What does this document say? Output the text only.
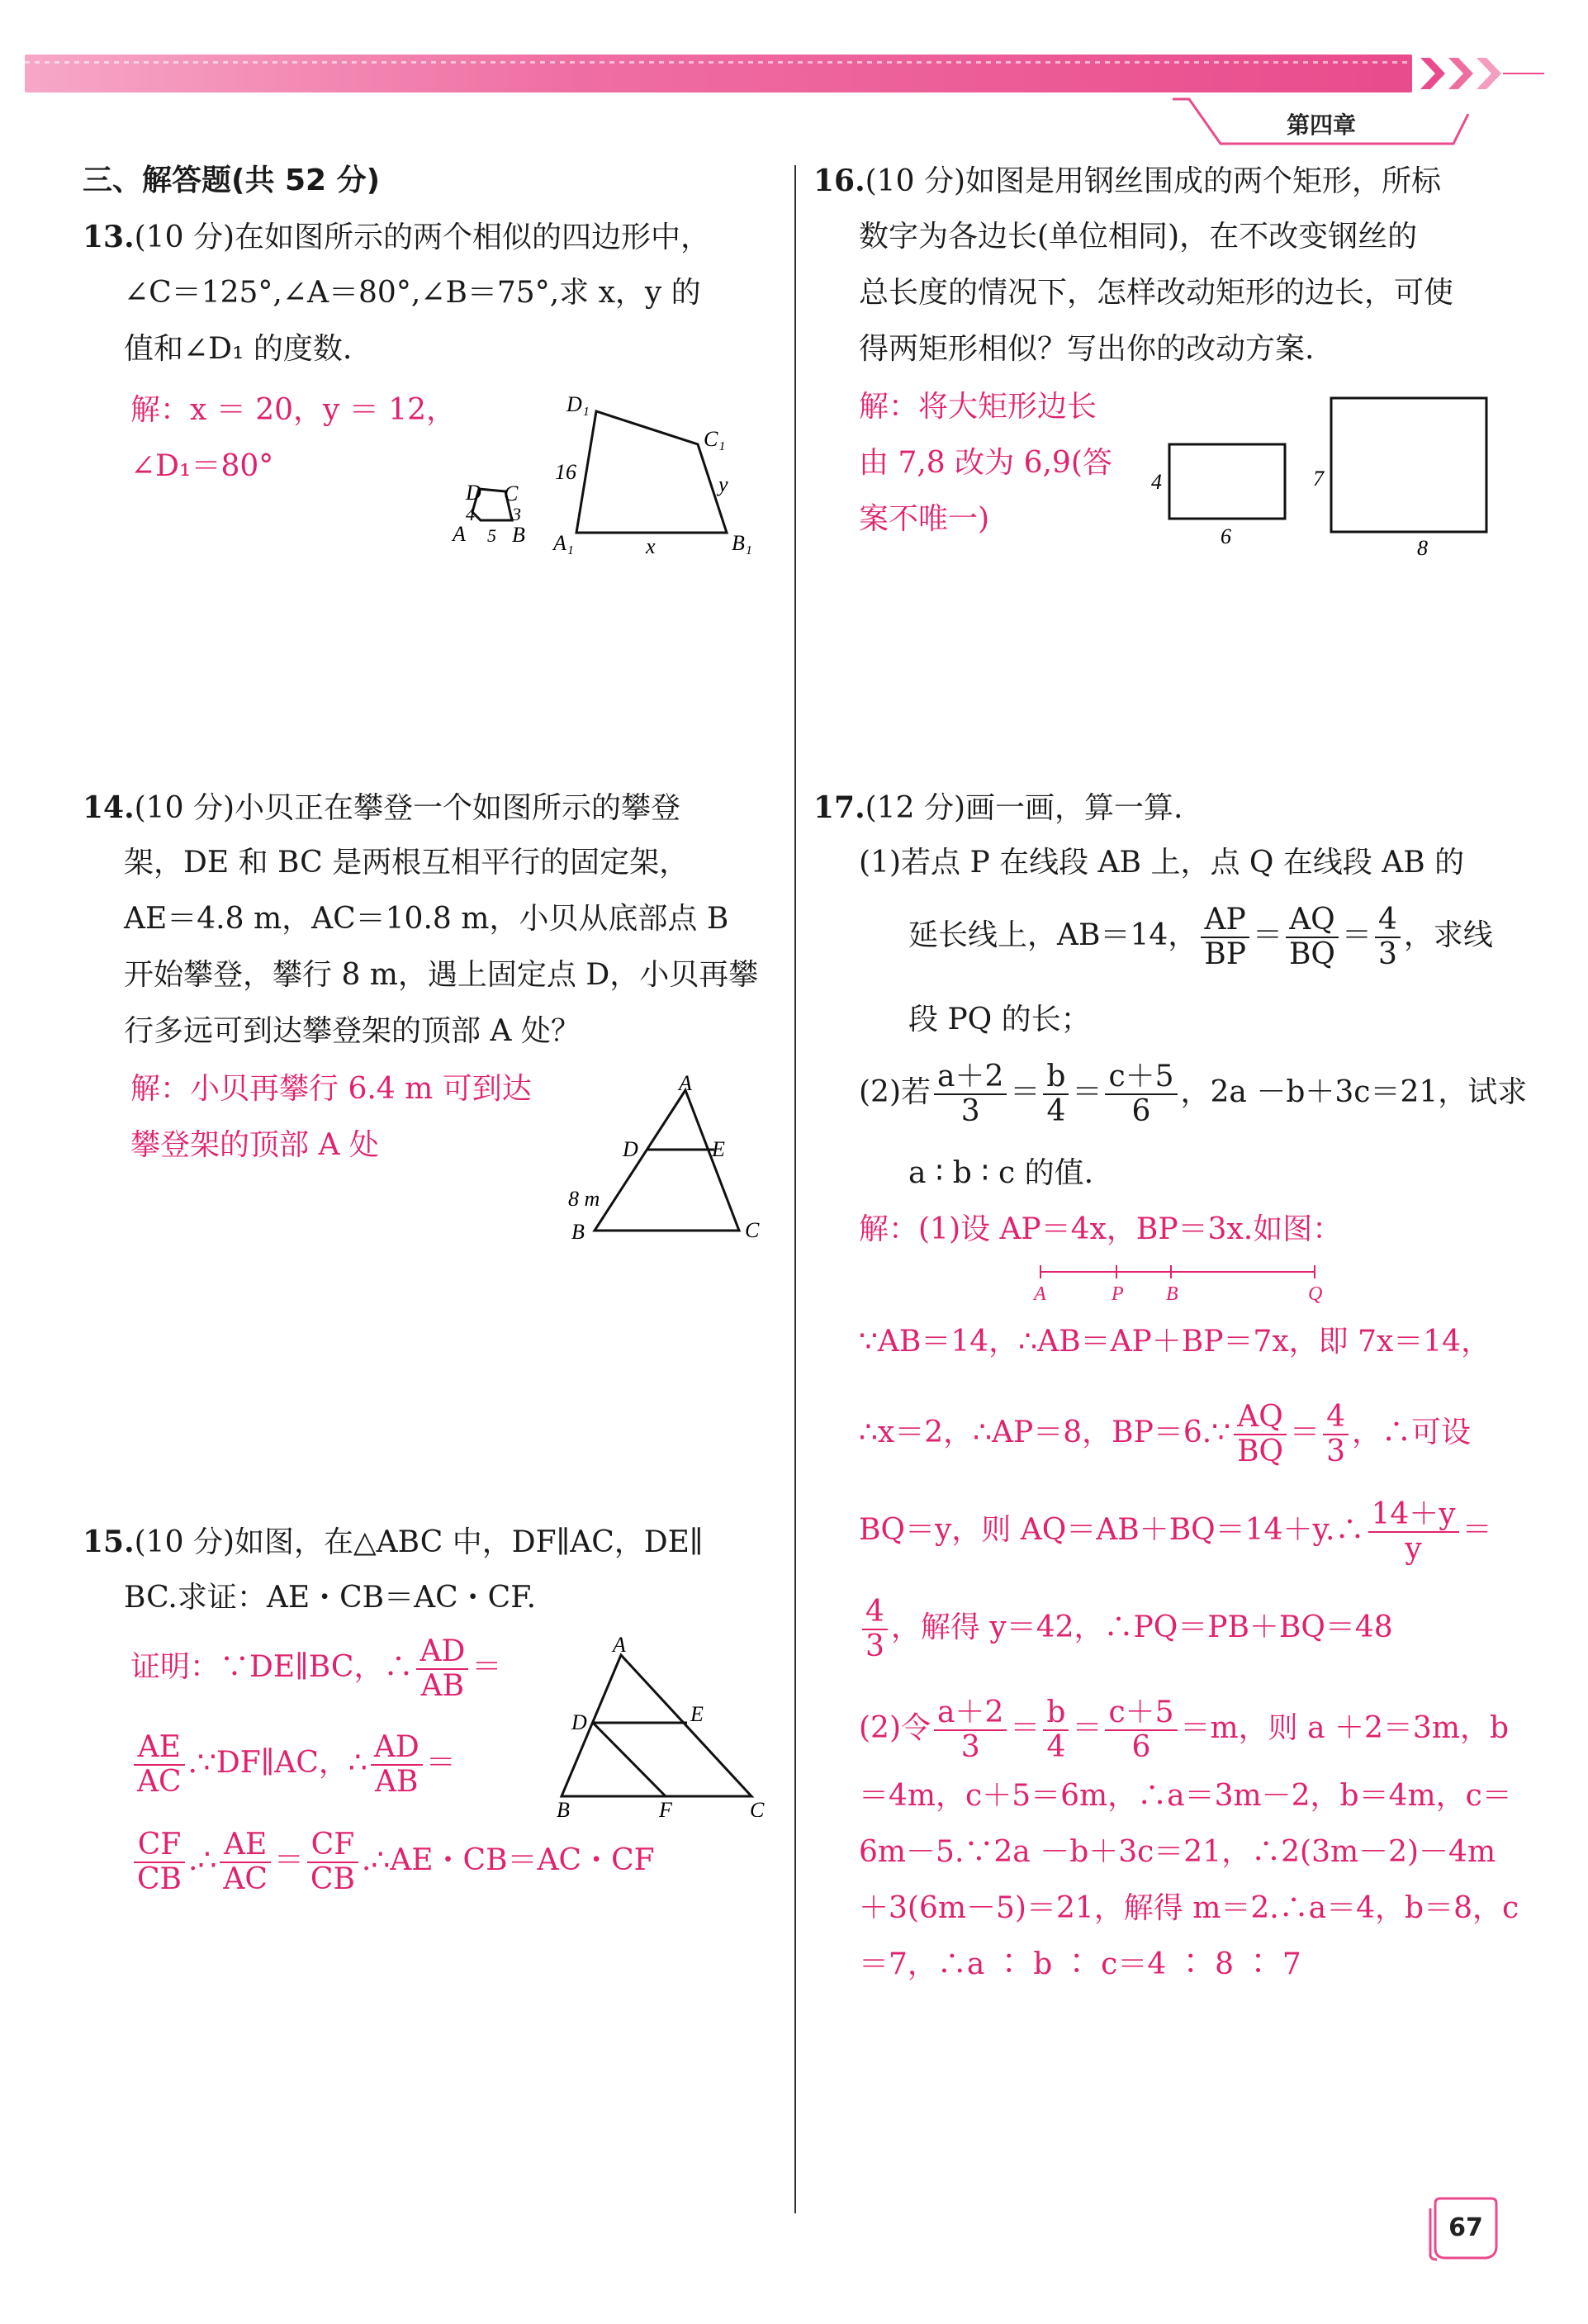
第四章
三、解答题(共 52 分)
13.(10 分)在如图所示的两个相似的四边形中，
∠C＝125°,∠A＝80°,∠B＝75°,求 x，y 的
值和∠D₁ 的度数.
解：x ＝ 20，y ＝ 12，
∠D₁＝80°
D C
A B
4 3
5
D₁
C₁
A₁	B₁
16
y
x
14.(10 分)小贝正在攀登一个如图所示的攀登
架，DE 和 BC 是两根互相平行的固定架，
AE＝4.8 m，AC＝10.8 m，小贝从底部点 B
开始攀登，攀行 8 m，遇上固定点 D，小贝再攀
行多远可到达攀登架的顶部 A 处？
解：小贝再攀行 6.4 m 可到达
攀登架的顶部 A 处
A
D	E
B	C
8 m
15.(10 分)如图，在△ABC 中，DF∥AC，DE∥
BC.求证：AE・CB＝AC・CF.
证明：∵DE∥BC，∴ $\frac{AD}{AB}$ ＝
$\frac{AE}{AC}$ .∵DF∥AC，∴ $\frac{AD}{AB}$ ＝
$\frac{CF}{CB}$ .∴ $\frac{AE}{AC} = \frac{CF}{CB}$ .∴AE・CB＝AC・CF
A
D	E
B	F	C
16.(10 分)如图是用钢丝围成的两个矩形，所标
数字为各边长(单位相同)，在不改变钢丝的
总长度的情况下，怎样改动矩形的边长，可使
得两矩形相似？写出你的改动方案.
解：将大矩形边长
由 7,8 改为 6,9(答
案不唯一)
4
6
7
8
17.(12 分)画一画，算一算.
(1)若点 P 在线段 AB 上，点 Q 在线段 AB 的
延长线上，AB＝14， $\frac{AP}{BP} = \frac{AQ}{BQ} = \frac{4}{3}$ ，求线
段 PQ 的长；
(2)若 $\frac{a+2}{3} = \frac{b}{4} = \frac{c+5}{6}$ ，2a －b＋3c＝21，试求
a ∶ b ∶ c 的值.
解：(1)设 AP＝4x，BP＝3x.如图：
A	P B	Q
∵AB＝14，∴AB＝AP＋BP＝7x，即 7x＝14，
∴x＝2，∴AP＝8，BP＝6.∵ $\frac{AQ}{BQ} = \frac{4}{3}$ ，∴可设
BQ＝y，则 AQ＝AB＋BQ＝14＋y.∴ $\frac{14+y}{y}$ ＝
$\frac{4}{3}$ ，解得 y＝42，∴PQ＝PB＋BQ＝48
(2)令 $\frac{a+2}{3} = \frac{b}{4} = \frac{c+5}{6} =m$，则 a ＋2＝3m，b
＝4m，c＋5＝6m，∴a＝3m－2，b＝4m，c＝
6m－5.∵2a －b＋3c＝21，∴2(3m－2)－4m
＋3(6m－5)＝21，解得 m＝2.∴a＝4，b＝8，c
＝7，∴a ∶ b ∶ c＝4 ∶ 8 ∶ 7
67
